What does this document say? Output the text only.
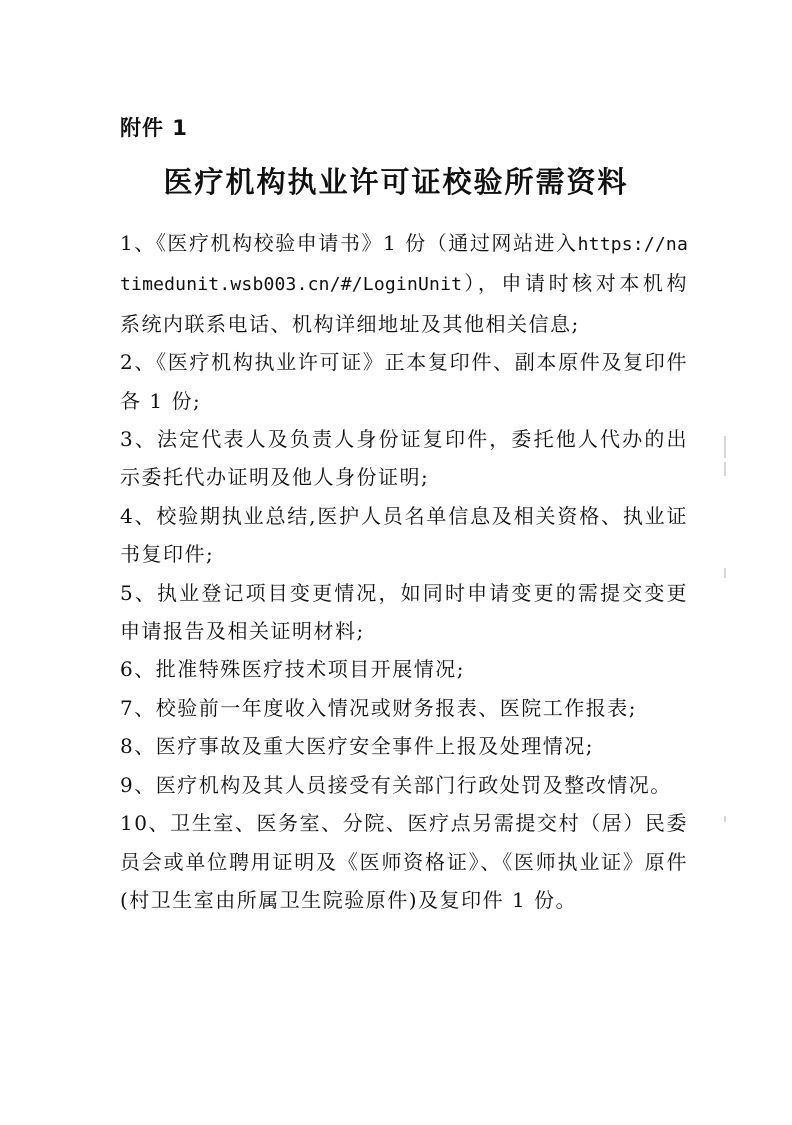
附件 1
医疗机构执业许可证校验所需资料
1、《医疗机构校验申请书》1 份（通过网站进入https://natimedunit.wsb003.cn/#/LoginUnit），申请时核对本机构系统内联系电话、机构详细地址及其他相关信息;
2、《医疗机构执业许可证》正本复印件、副本原件及复印件各 1 份;
3、法定代表人及负责人身份证复印件，委托他人代办的出示委托代办证明及他人身份证明;
4、校验期执业总结,医护人员名单信息及相关资格、执业证书复印件;
5、执业登记项目变更情况，如同时申请变更的需提交变更申请报告及相关证明材料;
6、批准特殊医疗技术项目开展情况;
7、校验前一年度收入情况或财务报表、医院工作报表;
8、医疗事故及重大医疗安全事件上报及处理情况;
9、医疗机构及其人员接受有关部门行政处罚及整改情况。
10、卫生室、医务室、分院、医疗点另需提交村（居）民委员会或单位聘用证明及《医师资格证》、《医师执业证》原件(村卫生室由所属卫生院验原件)及复印件 1 份。
